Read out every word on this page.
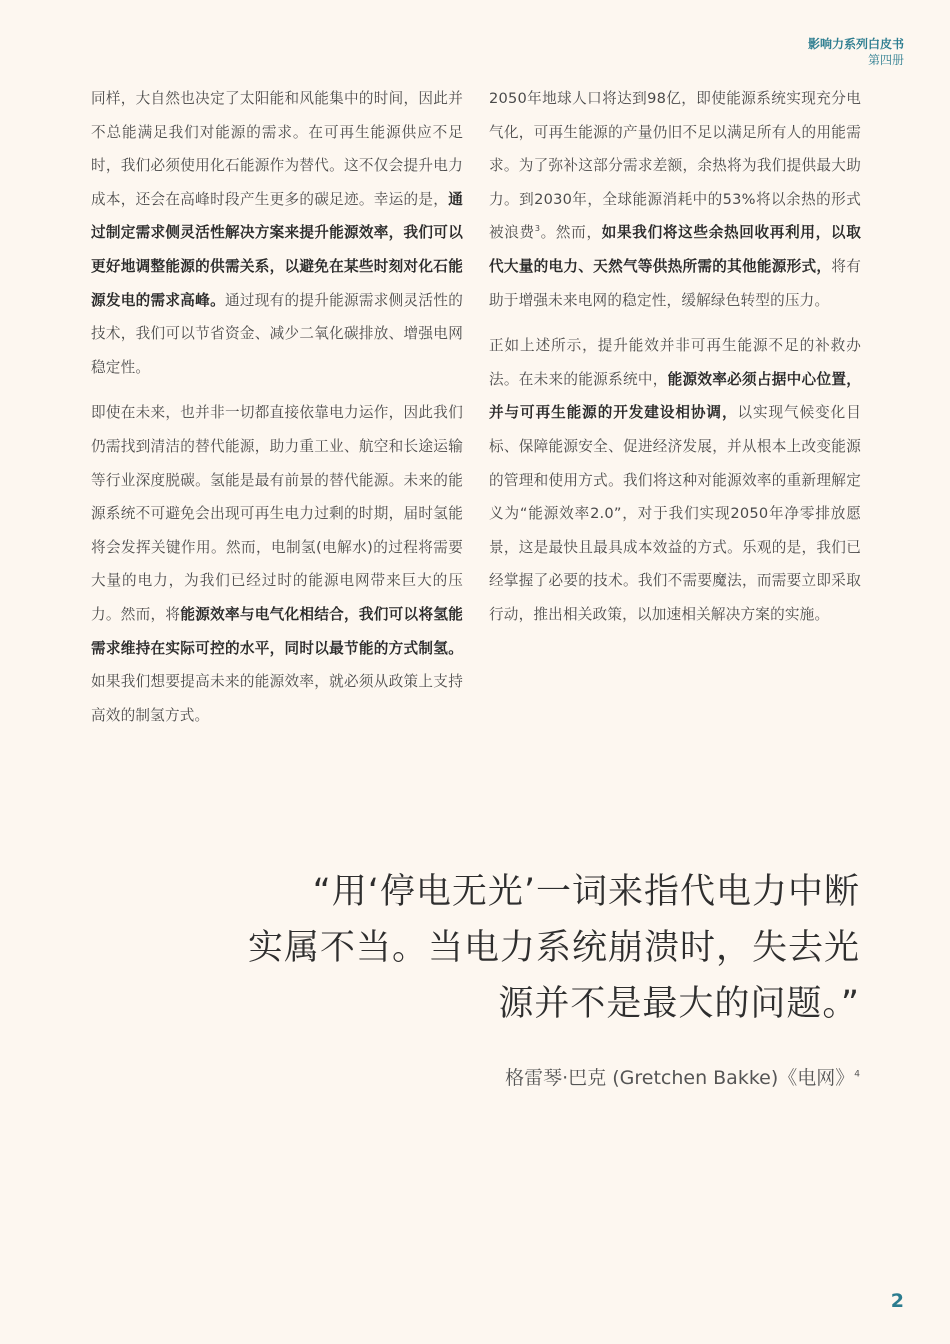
影响力系列白皮书
第四册

同样，大自然也决定了太阳能和风能集中的时间，因此并不总能满足我们对能源的需求。在可再生能源供应不足时，我们必须使用化石能源作为替代。这不仅会提升电力成本，还会在高峰时段产生更多的碳足迹。幸运的是，通过制定需求侧灵活性解决方案来提升能源效率，我们可以更好地调整能源的供需关系，以避免在某些时刻对化石能源发电的需求高峰。通过现有的提升能源需求侧灵活性的技术，我们可以节省资金、减少二氧化碳排放、增强电网稳定性。

即使在未来，也并非一切都直接依靠电力运作，因此我们仍需找到清洁的替代能源，助力重工业、航空和长途运输等行业深度脱碳。氢能是最有前景的替代能源。未来的能源系统不可避免会出现可再生电力过剩的时期，届时氢能将会发挥关键作用。然而，电制氢(电解水)的过程将需要大量的电力，为我们已经过时的能源电网带来巨大的压力。然而，将能源效率与电气化相结合，我们可以将氢能需求维持在实际可控的水平，同时以最节能的方式制氢。如果我们想要提高未来的能源效率，就必须从政策上支持高效的制氢方式。

2050年地球人口将达到98亿，即使能源系统实现充分电气化，可再生能源的产量仍旧不足以满足所有人的用能需求。为了弥补这部分需求差额，余热将为我们提供最大助力。到2030年，全球能源消耗中的53%将以余热的形式被浪费$^3$。然而，如果我们将这些余热回收再利用，以取代大量的电力、天然气等供热所需的其他能源形式，将有助于增强未来电网的稳定性，缓解绿色转型的压力。

正如上述所示，提升能效并非可再生能源不足的补救办法。在未来的能源系统中，能源效率必须占据中心位置，并与可再生能源的开发建设相协调，以实现气候变化目标、保障能源安全、促进经济发展，并从根本上改变能源的管理和使用方式。我们将这种对能源效率的重新理解定义为“能源效率2.0”，对于我们实现2050年净零排放愿景，这是最快且最具成本效益的方式。乐观的是，我们已经掌握了必要的技术。我们不需要魔法，而需要立即采取行动，推出相关政策，以加速相关解决方案的实施。

“用‘停电无光’一词来指代电力中断
实属不当。当电力系统崩溃时，失去光
源并不是最大的问题。”
格雷琴·巴克 (Gretchen Bakke)《电网》$^4$
2
